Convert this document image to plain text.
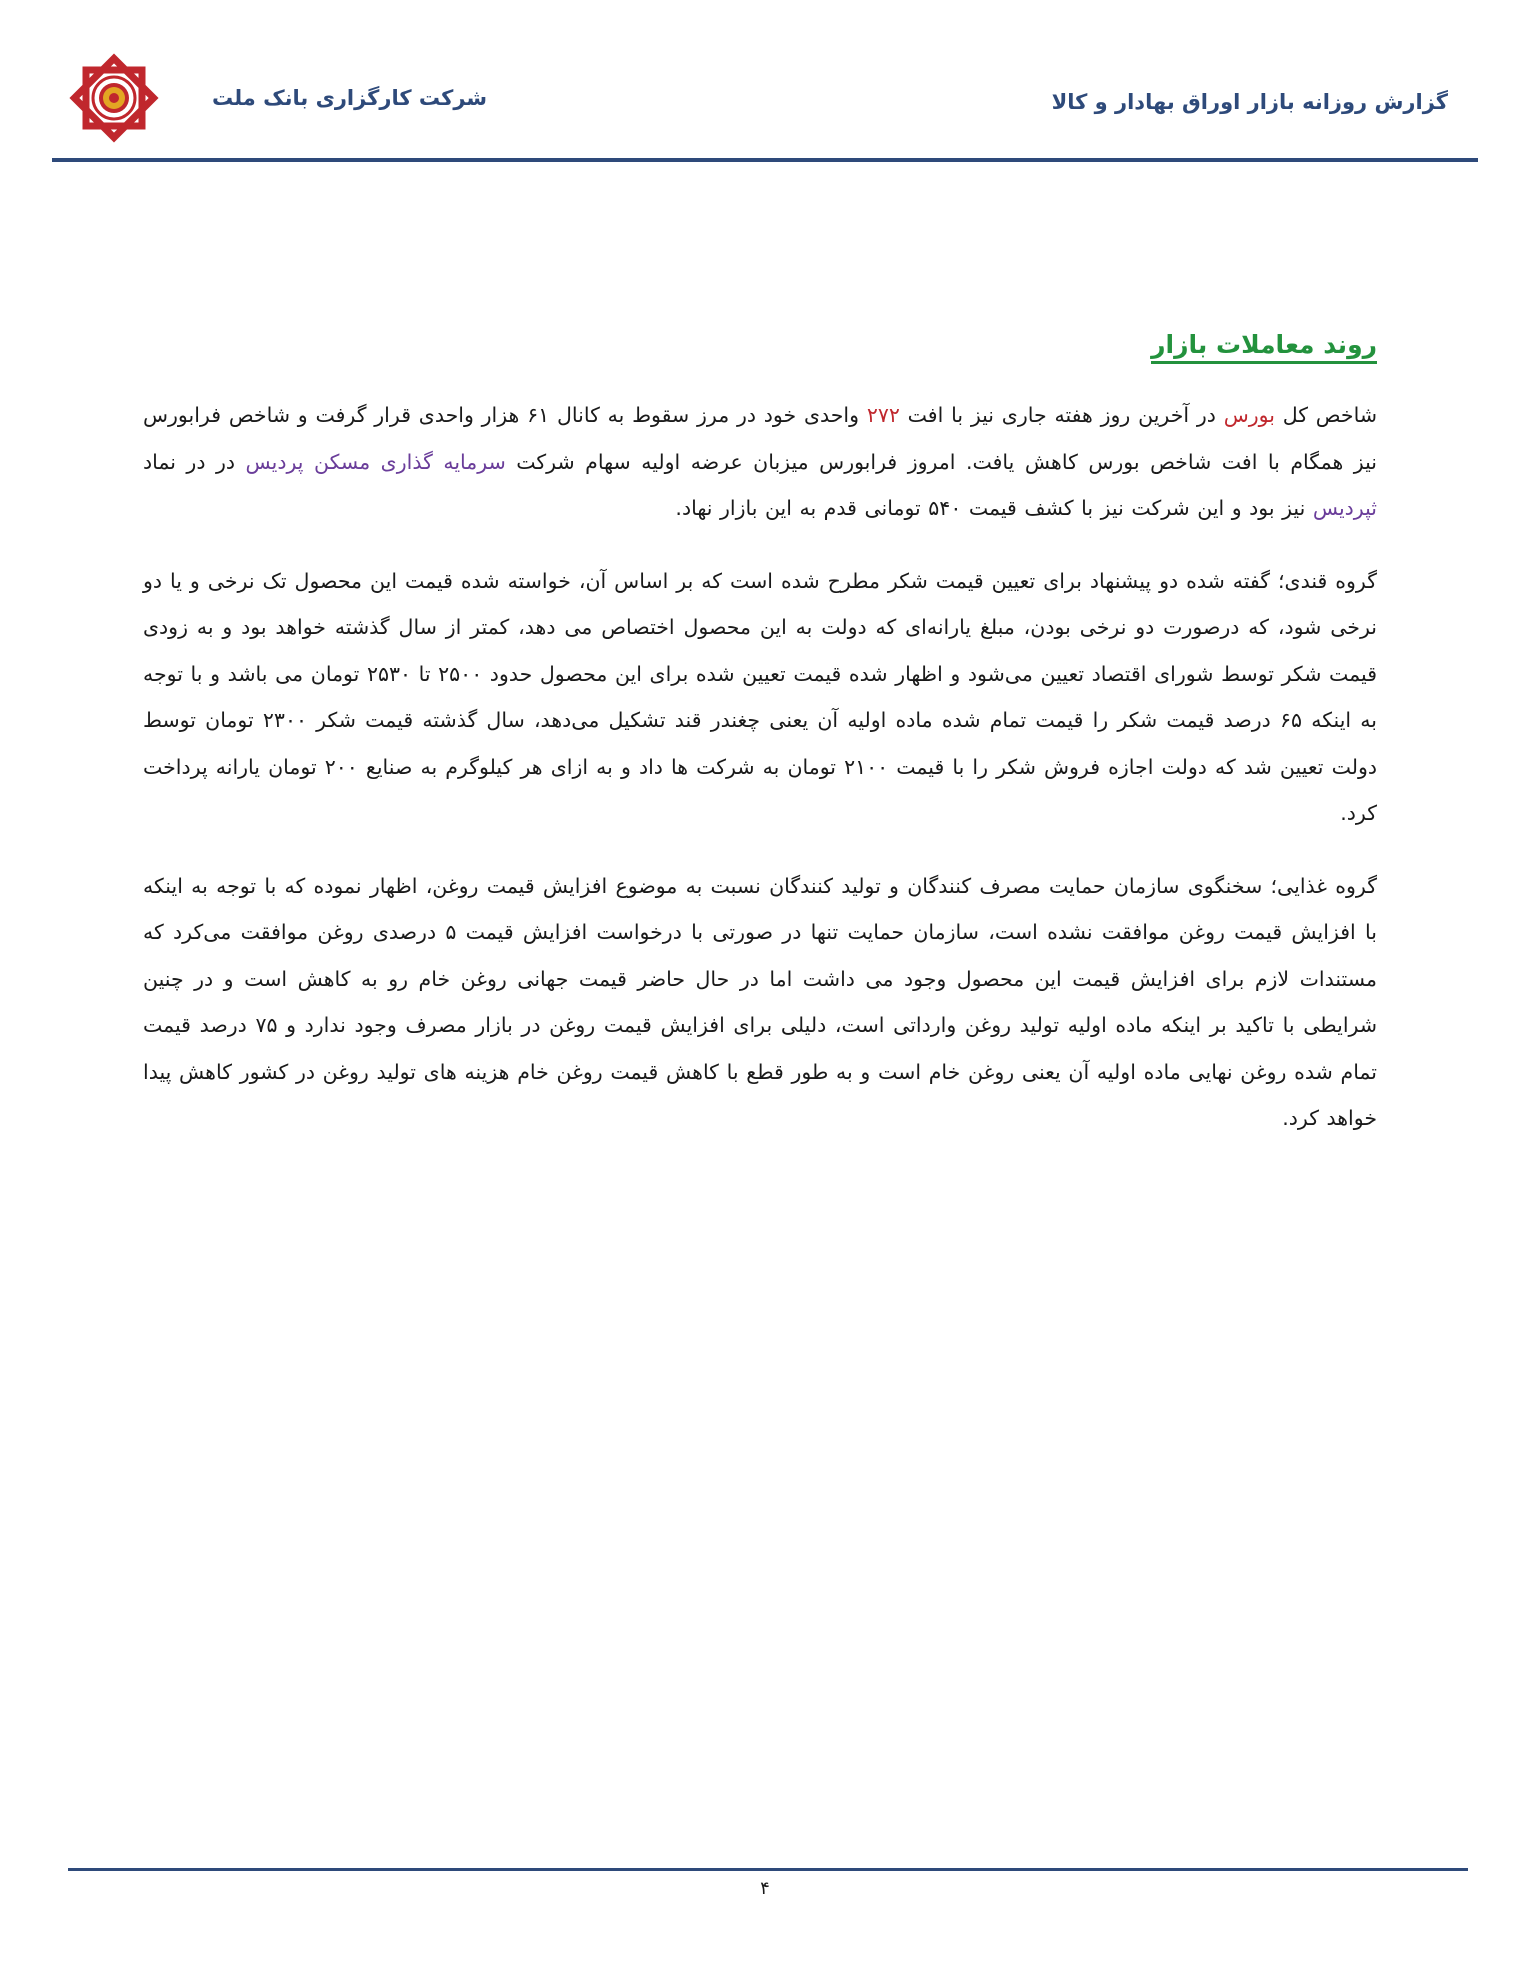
گزارش روزانه بازار اوراق بهادار و کالا
شرکت کارگزاری بانک ملت
روند معاملات بازار

شاخص کل بورس در آخرین روز هفته جاری نیز با افت ۲۷۲ واحدی خود در مرز سقوط به کانال ۶۱ هزار واحدی قرار گرفت و شاخص فرابورس نیز همگام با افت شاخص بورس کاهش یافت. امروز فرابورس میزبان عرضه اولیه سهام شرکت سرمایه گذاری مسکن پردیس در در نماد ثپردیس نیز بود و این شرکت نیز با کشف قیمت ۵۴۰ تومانی قدم به این بازار نهاد.

گروه قندی؛ گفته شده دو پیشنهاد برای تعیین قیمت شکر مطرح شده است که بر اساس آن، خواسته شده قیمت این محصول تک نرخی و یا دو نرخی شود، که درصورت دو نرخی بودن، مبلغ یارانه‌ای که دولت به این محصول اختصاص می دهد، کمتر از سال گذشته خواهد بود و به زودی قیمت شکر توسط شورای اقتصاد تعیین می‌شود و اظهار شده قیمت تعیین شده برای این محصول حدود ۲۵۰۰ تا ۲۵۳۰ تومان می باشد و با توجه به اینکه ۶۵ درصد قیمت شکر را قیمت تمام شده ماده اولیه آن یعنی چغندر قند تشکیل می‌دهد، سال گذشته قیمت شکر ۲۳۰۰ تومان توسط دولت تعیین شد که دولت اجازه فروش شکر را با قیمت ۲۱۰۰ تومان به شرکت ها داد و به ازای هر کیلوگرم به صنایع ۲۰۰ تومان یارانه پرداخت کرد.

گروه غذایی؛ سخنگوی سازمان حمایت مصرف کنندگان و تولید کنندگان نسبت به موضوع افزایش قیمت روغن، اظهار نموده که با توجه به اینکه با افزایش قیمت روغن موافقت نشده است، سازمان حمایت تنها در صورتی با درخواست افزایش قیمت ۵ درصدی روغن موافقت می‌کرد که مستندات لازم برای افزایش قیمت این محصول وجود می داشت اما در حال حاضر قیمت جهانی روغن خام رو به کاهش است و در چنین شرایطی با تاکید بر اینکه ماده اولیه تولید روغن وارداتی است، دلیلی برای افزایش قیمت روغن در بازار مصرف وجود ندارد و ۷۵ درصد قیمت تمام شده روغن نهایی ماده اولیه آن یعنی روغن خام است و به طور قطع با کاهش قیمت روغن خام هزینه های تولید روغن در کشور کاهش پیدا خواهد کرد.

۴
